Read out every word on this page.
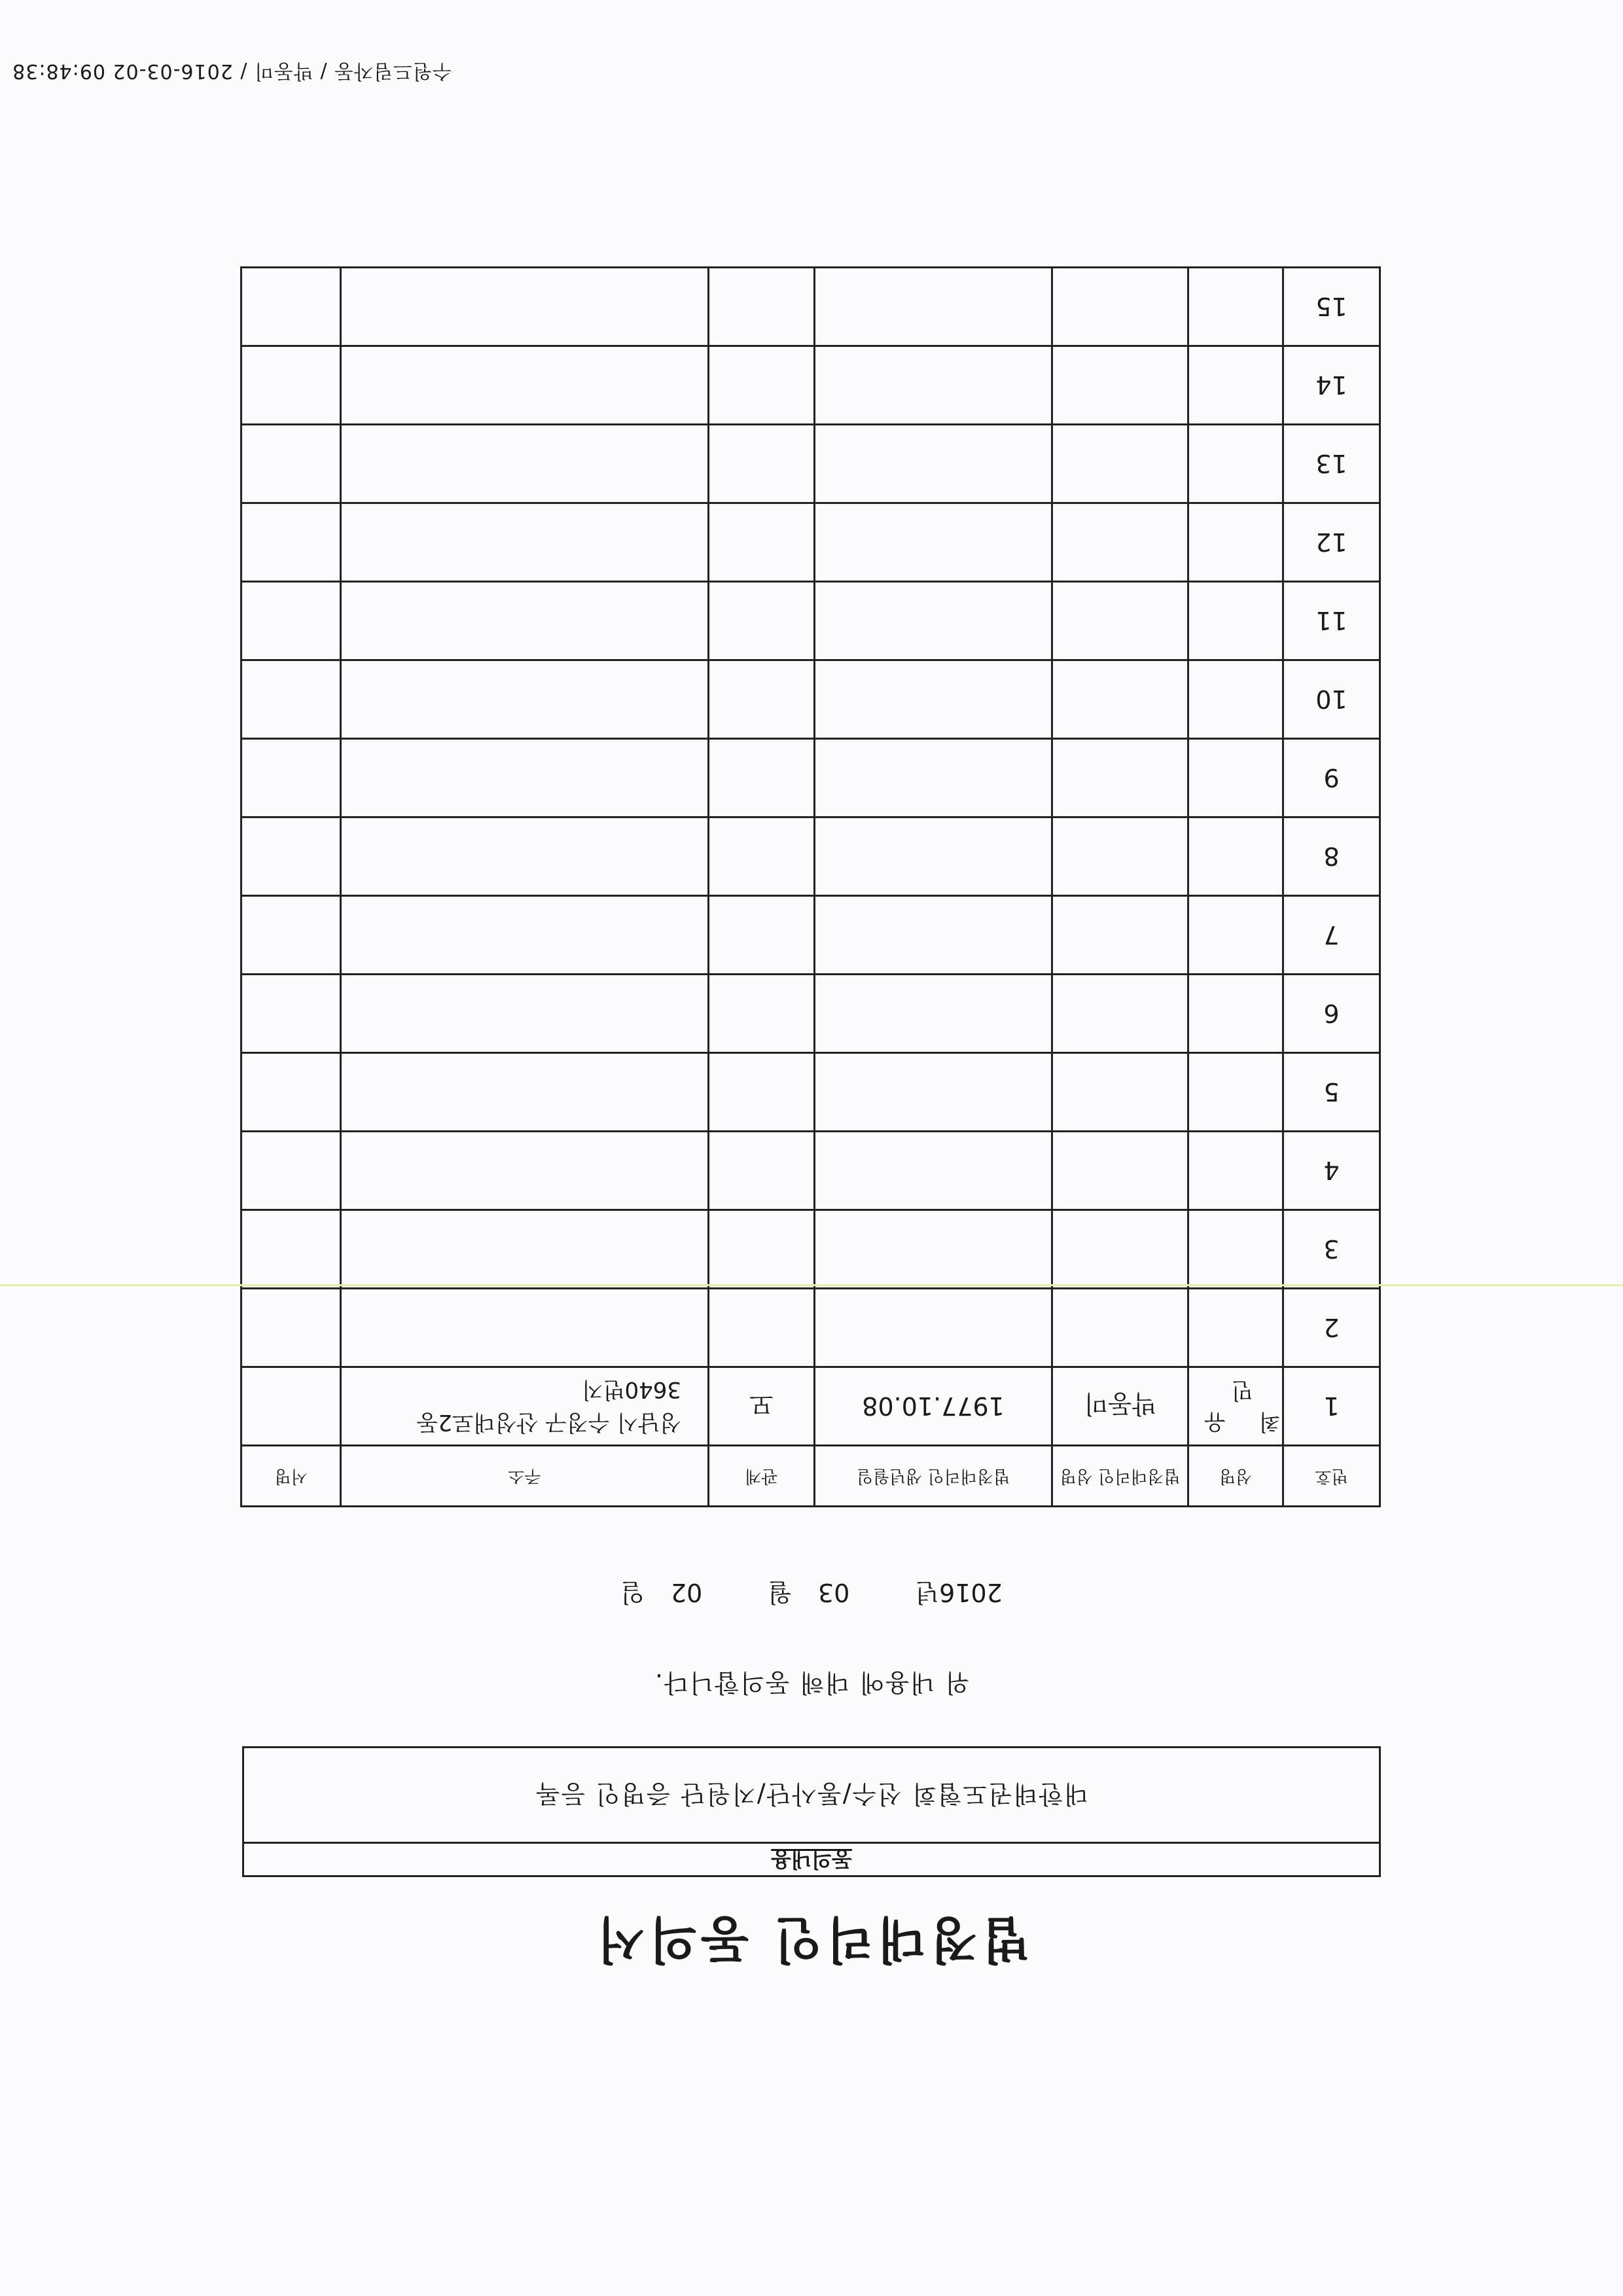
수원드림자동 / 박동미 / 2016-03-02 09:48:38
법정대리인 동의서
동의내용
대한태권도협회 선수/통사단/지원단 증명인 등록
위 내용에 대해 동의합니다.
2016년03월02일
번호	성명	법정대리인 성명	법정대리인 생년월일	관계	주소	서명
1	최 유 민	박동미	1977.10.08	모	성남시 수정구 산성대로2동
3640번지	

2					

3					

4					

5					

6					

7					

8					

9					

10					

11					

12					

13					

14					

15					
